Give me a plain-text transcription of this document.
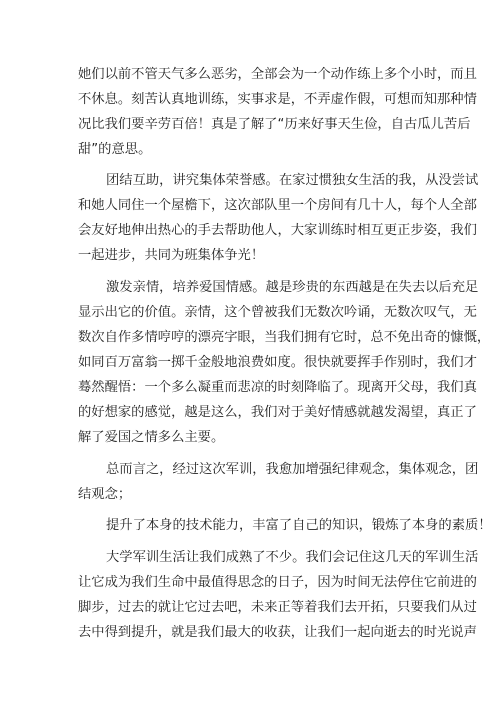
她们以前不管天气多么恶劣，全部会为一个动作练上多个小时，而且
不休息。刻苦认真地训练，实事求是，不弄虚作假，可想而知那种情
况比我们要辛劳百倍！真是了解了“历来好事天生俭，自古瓜儿苦后
甜”的意思。
团结互助，讲究集体荣誉感。在家过惯独女生活的我，从没尝试
和她人同住一个屋檐下，这次部队里一个房间有几十人，每个人全部
会友好地伸出热心的手去帮助他人，大家训练时相互更正步姿，我们
一起进步，共同为班集体争光！
激发亲情，培养爱国情感。越是珍贵的东西越是在失去以后充足
显示出它的价值。亲情，这个曾被我们无数次吟诵，无数次叹气，无
数次自作多情哼哼的漂亮字眼，当我们拥有它时，总不免出奇的慷慨，
如同百万富翁一掷千金般地浪费如度。很快就要挥手作别时，我们才
蓦然醒悟：一个多么凝重而悲凉的时刻降临了。现离开父母，我们真
的好想家的感觉，越是这么，我们对于美好情感就越发渴望，真正了
解了爱国之情多么主要。
总而言之，经过这次军训，我愈加增强纪律观念，集体观念，团
结观念；
提升了本身的技术能力，丰富了自己的知识，锻炼了本身的素质！
大学军训生活让我们成熟了不少。我们会记住这几天的军训生活
让它成为我们生命中最值得思念的日子，因为时间无法停住它前进的
脚步，过去的就让它过去吧，未来正等着我们去开拓，只要我们从过
去中得到提升，就是我们最大的收获，让我们一起向逝去的时光说声
